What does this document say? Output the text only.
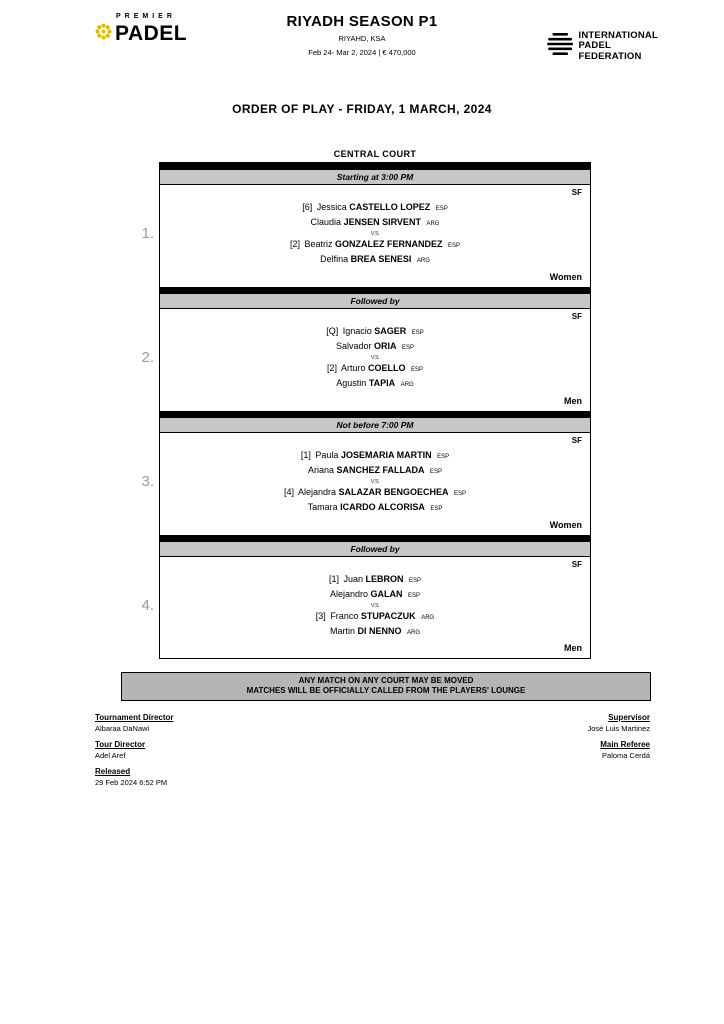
PREMIER
PADEL
RIYADH SEASON P1
RIYAHD, KSA
Feb 24- Mar 2, 2024 | € 470,000
INTERNATIONAL
PADEL
FEDERATION
ORDER OF PLAY - FRIDAY, 1 MARCH, 2024
CENTRAL COURT
Starting at 3:00 PM
1.
SF
[6] Jessica CASTELLO LOPEZ ESP
Claudia JENSEN SIRVENT ARG
VS
[2] Beatriz GONZALEZ FERNANDEZ ESP
Delfina BREA SENESI ARG
Women
Followed by
2.
SF
[Q] Ignacio SAGER ESP
Salvador ORIA ESP
VS
[2] Arturo COELLO ESP
Agustin TAPIA ARG
Men
Not before 7:00 PM
3.
SF
[1] Paula JOSEMARIA MARTIN ESP
Ariana SANCHEZ FALLADA ESP
VS
[4] Alejandra SALAZAR BENGOECHEA ESP
Tamara ICARDO ALCORISA ESP
Women
Followed by
4.
SF
[1] Juan LEBRON ESP
Alejandro GALAN ESP
VS
[3] Franco STUPACZUK ARG
Martin DI NENNO ARG
Men
ANY MATCH ON ANY COURT MAY BE MOVED
MATCHES WILL BE OFFICIALLY CALLED FROM THE PLAYERS' LOUNGE
Tournament Director
Albaraa DaNawi
Tour Director
Adel Aref
Released
29 Feb 2024 6:52 PM
Supervisor
José Luis Martinez
Main Referee
Paloma Cerdá
